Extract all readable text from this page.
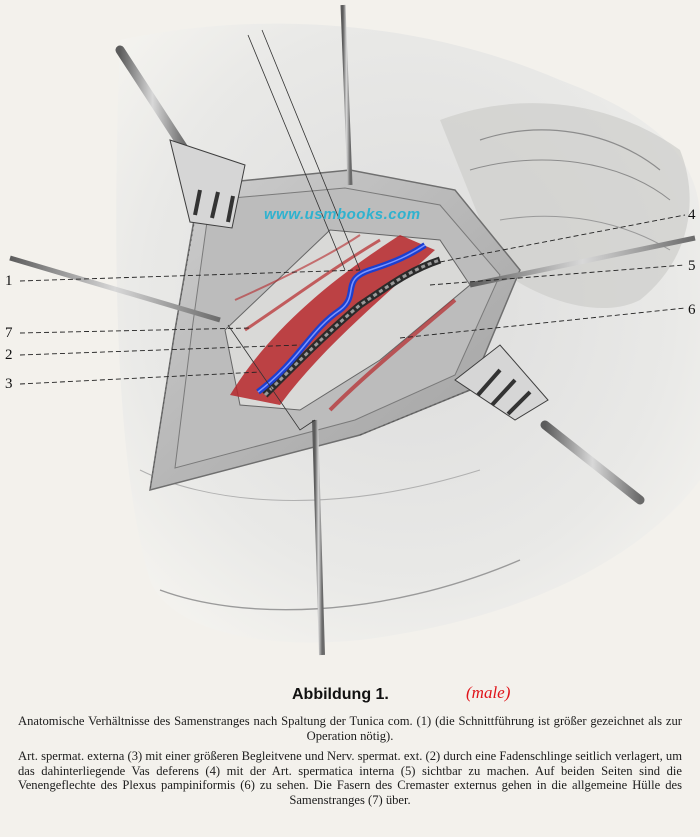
www.usmbooks.com	4
1
5
7
6
2
3
Abbildung 1.	(male)

Anatomische Verhältnisse des Samenstranges nach Spaltung der Tunica com. (1) (die Schnittführung ist größer gezeichnet als zur Operation nötig).

Art. spermat. externa (3) mit einer größeren Begleitvene und Nerv. spermat. ext. (2) durch eine Fadenschlinge seitlich verlagert, um das dahinterliegende Vas deferens (4) mit der Art. spermatica interna (5) sichtbar zu machen. Auf beiden Seiten sind die Venengeflechte des Plexus pampiniformis (6) zu sehen. Die Fasern des Cremaster externus gehen in die allgemeine Hülle des Samenstranges (7) über.
